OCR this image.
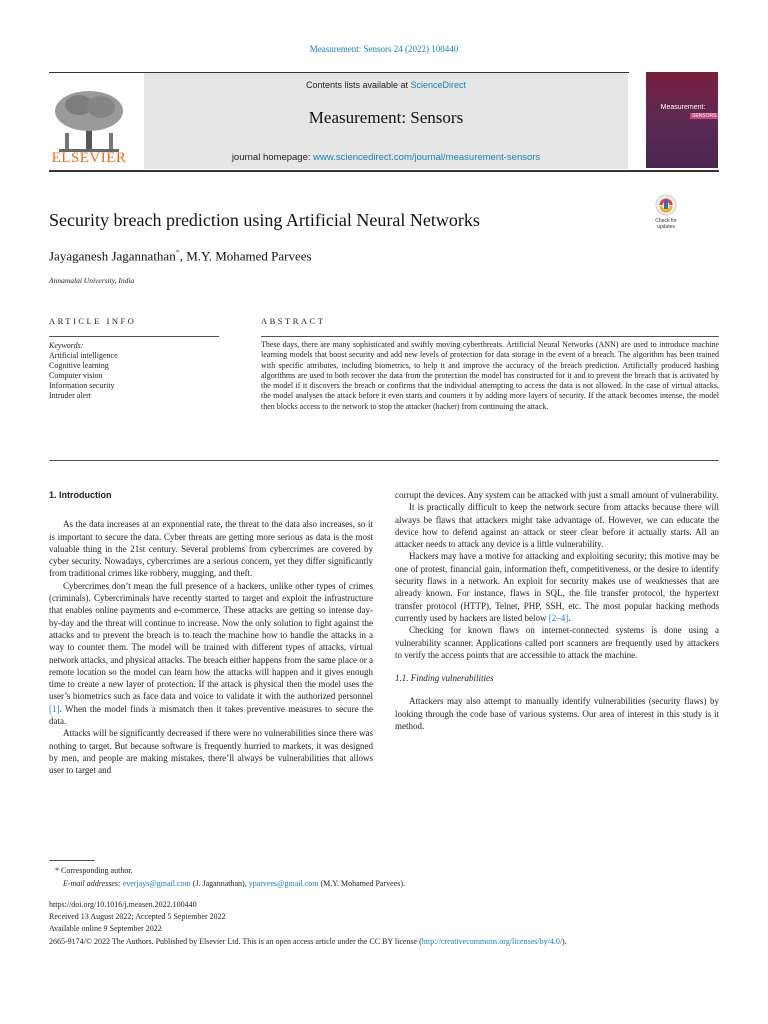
Measurement: Sensors 24 (2022) 100440
ELSEVIER
Contents lists available at ScienceDirect
Measurement: Sensors
journal homepage: www.sciencedirect.com/journal/measurement-sensors
Measurement:
SENSORS
Security breach prediction using Artificial Neural Networks	Check for updates
Jayaganesh Jagannathan*, M.Y. Mohamed Parvees
Annamalai University, India
ARTICLE INFO
Keywords:
Artificial intelligence
Cognitive learning
Computer vision
Information security
Intruder alert
ABSTRACT
These days, there are many sophisticated and swiftly moving cyberthreats. Artificial Neural Networks (ANN) are used to introduce machine learning models that boost security and add new levels of protection for data storage in the event of a breach. The algorithm has been trained with specific attributes, including biometrics, to help it and improve the accuracy of the breach prediction. Artificially produced hashing algorithms are used to both recover the data from the protection the model has constructed for it and to prevent the breach that is activated by the model if it discovers the breach or confirms that the individual attempting to access the data is not allowed. In the case of virtual attacks, the model analyses the attack before it even starts and counters it by adding more layers of security. If the attack becomes intense, the model then blocks access to the network to stop the attacker (hacker) from continuing the attack.

1. Introduction

As the data increases at an exponential rate, the threat to the data also increases, so it is important to secure the data. Cyber threats are getting more serious as data is the most valuable thing in the 21st century. Several problems from cybercrimes are covered by cyber security. Nowadays, cybercrimes are a serious concern, yet they differ significantly from traditional crimes like robbery, mugging, and theft.

Cybercrimes don’t mean the full presence of a hackers, unlike other types of crimes (criminals). Cybercriminals have recently started to target and exploit the infrastructure that enables online payments and e-commerce. These attacks are getting so intense day-by-day and the threat will continue to increase. Now the only solution to fight against the attacks and to prevent the breach is to teach the machine how to handle the attacks in a way to counter them. The model will be trained with different types of attacks, virtual network attacks, and physical attacks. The breach either happens from the same place or a remote location so the model can learn how the attacks will happen and it gives enough time to create a new layer of protection. If the attack is physical then the model uses the user’s biometrics such as face data and voice to validate it with the authorized personnel [1]. When the model finds a mismatch then it takes preventive measures to secure the data.

Attacks will be significantly decreased if there were no vulnerabilities since there was nothing to target. But because software is frequently hurried to markets, it was designed by men, and people are making mistakes, there’ll always be vulnerabilities that allows user to target and

corrupt the devices. Any system can be attacked with just a small amount of vulnerability.

It is practically difficult to keep the network secure from attacks because there will always be flaws that attackers might take advantage of. However, we can educate the device how to defend against an attack or steer clear before it actually starts. All an attacker needs to attack any device is a little vulnerability.

Hackers may have a motive for attacking and exploiting security; this motive may be one of protest, financial gain, information theft, competitiveness, or the desire to identify security flaws in a network. An exploit for security makes use of weaknesses that are already known. For instance, flaws in SQL, the file transfer protocol, the hypertext transfer protocol (HTTP), Telnet, PHP, SSH, etc. The most popular hacking methods currently used by hackers are listed below [2–4].

Checking for known flaws on internet-connected systems is done using a vulnerability scanner. Applications called port scanners are frequently used by attackers to verify the access points that are accessible to attack the machine.

1.1. Finding vulnerabilities

Attackers may also attempt to manually identify vulnerabilities (security flaws) by looking through the code base of various systems. Our area of interest in this study is it method.

* Corresponding author.
E-mail addresses: everjays@gmail.com (J. Jagannathan), yparvees@gmail.com (M.Y. Mohamed Parvees).
https://doi.org/10.1016/j.measen.2022.100440
Received 13 August 2022; Accepted 5 September 2022
Available online 9 September 2022
2665-9174/© 2022 The Authors. Published by Elsevier Ltd. This is an open access article under the CC BY license (http://creativecommons.org/licenses/by/4.0/).
